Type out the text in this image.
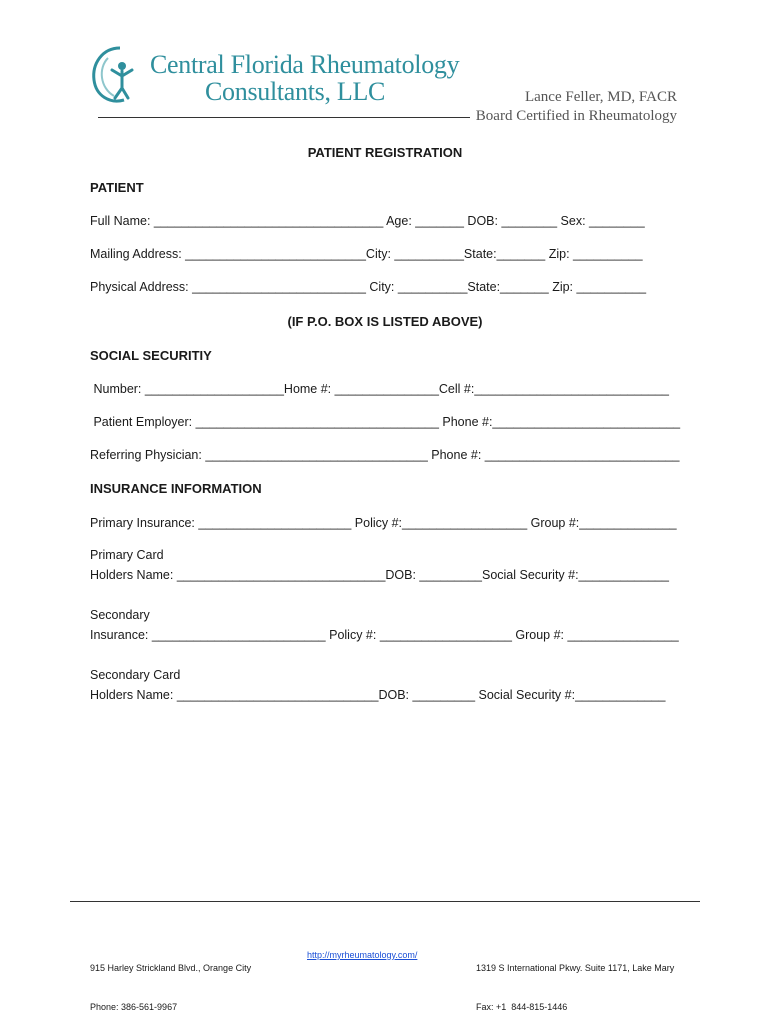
Central Florida Rheumatology
Consultants, LLC	Lance Feller, MD, FACR
Board Certified in Rheumatology
PATIENT REGISTRATION
PATIENT
Full Name: _________________________________ Age: _______ DOB: ________ Sex: ________
Mailing Address: __________________________City: __________State:_______ Zip: __________
Physical Address: _________________________ City: __________State:_______ Zip: __________
(IF P.O. BOX IS LISTED ABOVE)
SOCIAL SECURITIY
Number: ____________________Home #: _______________Cell #:____________________________
Patient Employer: ___________________________________ Phone #:___________________________
Referring Physician: ________________________________ Phone #: ____________________________
INSURANCE INFORMATION
Primary Insurance: ______________________ Policy #:__________________ Group #:______________
Primary Card
Holders Name: ______________________________DOB: _________Social Security #:_____________
Secondary
Insurance: _________________________ Policy #: ___________________ Group #: ________________
Secondary Card
Holders Name: _____________________________DOB: _________ Social Security #:_____________

915 Harley Strickland Blvd., Orange City

Phone: 386-561-9967

http://myrheumatology.com/

1319 S International Pkwy. Suite 1171, Lake Mary

Fax: +1  844-815-1446
